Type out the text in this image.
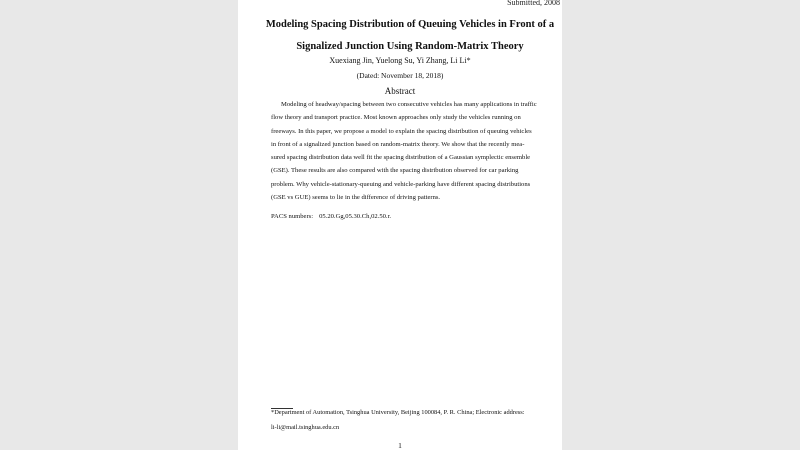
Submitted, 2008
Modeling Spacing Distribution of Queuing Vehicles in Front of a
Signalized Junction Using Random-Matrix Theory
Xuexiang Jin, Yuelong Su, Yi Zhang, Li Li*
(Dated: November 18, 2018)
Abstract
Modeling of headway/spacing between two consecutive vehicles has many applications in traffic
flow theory and transport practice. Most known approaches only study the vehicles running on
freeways. In this paper, we propose a model to explain the spacing distribution of queuing vehicles
in front of a signalized junction based on random-matrix theory. We show that the recently mea-
sured spacing distribution data well fit the spacing distribution of a Gaussian symplectic ensemble
(GSE). These results are also compared with the spacing distribution observed for car parking
problem. Why vehicle-stationary-queuing and vehicle-parking have different spacing distributions
(GSE vs GUE) seems to lie in the difference of driving patterns.
PACS numbers: 05.20.Gg,05.30.Ch,02.50.r.
*Department of Automation, Tsinghua University, Beijing 100084, P. R. China; Electronic address:
li-li@mail.tsinghua.edu.cn
1
